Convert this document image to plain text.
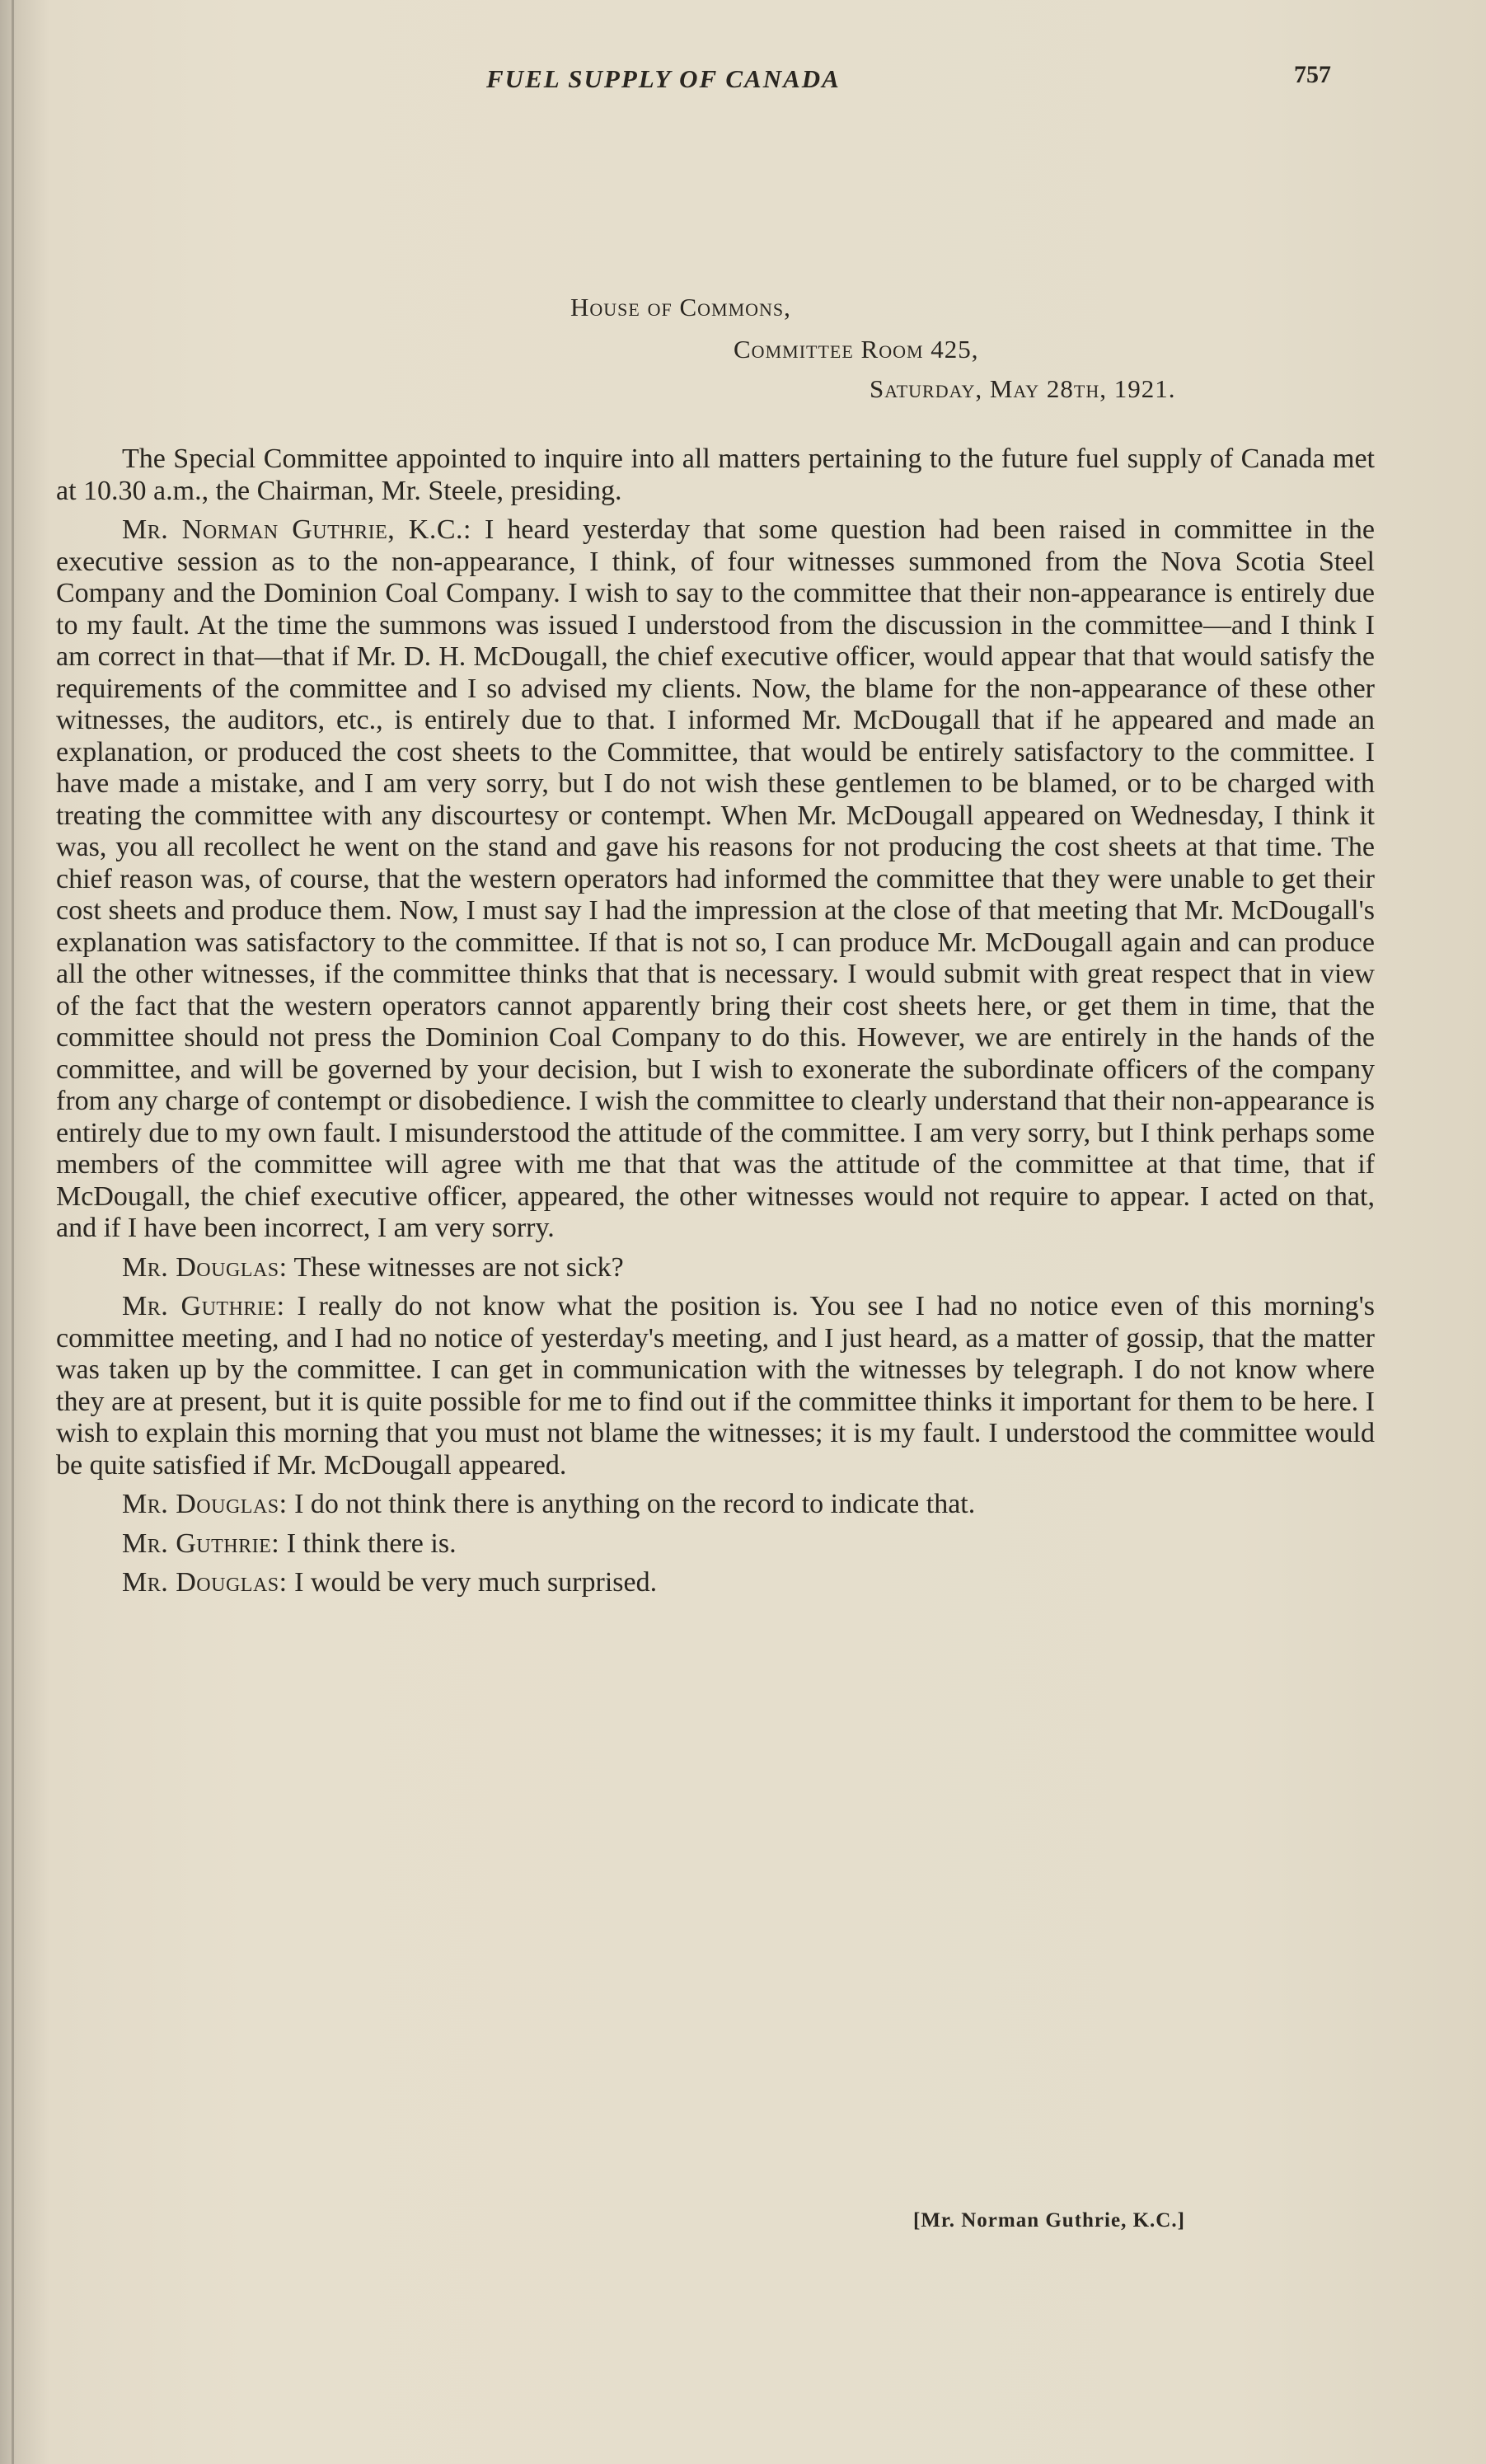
FUEL SUPPLY OF CANADA	757
House of Commons,
Committee Room 425,
Saturday, May 28th, 1921.

The Special Committee appointed to inquire into all matters pertaining to the future fuel supply of Canada met at 10.30 a.m., the Chairman, Mr. Steele, presiding.

Mr. Norman Guthrie, K.C.: I heard yesterday that some question had been raised in committee in the executive session as to the non-appearance, I think, of four witnesses summoned from the Nova Scotia Steel Company and the Dominion Coal Company. I wish to say to the committee that their non-appearance is entirely due to my fault. At the time the summons was issued I understood from the discussion in the committee—and I think I am correct in that—that if Mr. D. H. McDougall, the chief executive officer, would appear that that would satisfy the requirements of the committee and I so advised my clients. Now, the blame for the non-appearance of these other witnesses, the auditors, etc., is entirely due to that. I informed Mr. McDougall that if he appeared and made an explanation, or produced the cost sheets to the Committee, that would be entirely satisfactory to the committee. I have made a mistake, and I am very sorry, but I do not wish these gentlemen to be blamed, or to be charged with treating the committee with any discourtesy or contempt. When Mr. McDougall appeared on Wednesday, I think it was, you all recollect he went on the stand and gave his reasons for not producing the cost sheets at that time. The chief reason was, of course, that the western operators had informed the committee that they were unable to get their cost sheets and produce them. Now, I must say I had the impression at the close of that meeting that Mr. McDougall's explanation was satisfactory to the committee. If that is not so, I can produce Mr. McDougall again and can produce all the other witnesses, if the committee thinks that that is necessary. I would submit with great respect that in view of the fact that the western operators cannot apparently bring their cost sheets here, or get them in time, that the committee should not press the Dominion Coal Company to do this. However, we are entirely in the hands of the committee, and will be governed by your decision, but I wish to exonerate the subordinate officers of the company from any charge of contempt or disobedience. I wish the committee to clearly understand that their non-appearance is entirely due to my own fault. I misunderstood the attitude of the committee. I am very sorry, but I think perhaps some members of the committee will agree with me that that was the attitude of the committee at that time, that if McDougall, the chief executive officer, appeared, the other witnesses would not require to appear. I acted on that, and if I have been incorrect, I am very sorry.

Mr. Douglas: These witnesses are not sick?

Mr. Guthrie: I really do not know what the position is. You see I had no notice even of this morning's committee meeting, and I had no notice of yesterday's meeting, and I just heard, as a matter of gossip, that the matter was taken up by the committee. I can get in communication with the witnesses by telegraph. I do not know where they are at present, but it is quite possible for me to find out if the committee thinks it important for them to be here. I wish to explain this morning that you must not blame the witnesses; it is my fault. I understood the committee would be quite satisfied if Mr. McDougall appeared.

Mr. Douglas: I do not think there is anything on the record to indicate that.

Mr. Guthrie: I think there is.

Mr. Douglas: I would be very much surprised.

[Mr. Norman Guthrie, K.C.]
